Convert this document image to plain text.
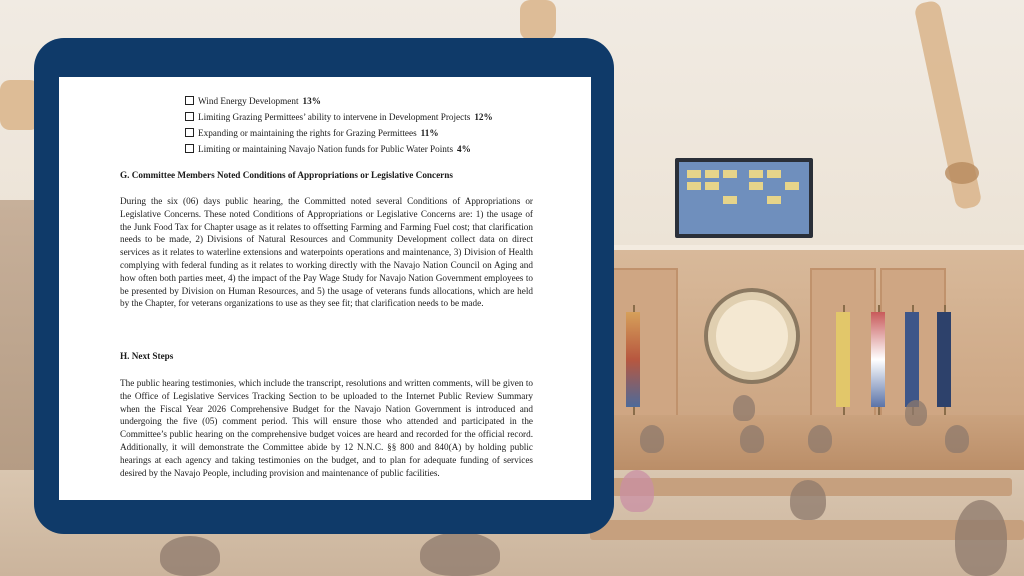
Wind Energy Development 13%
Limiting Grazing Permittees’ ability to intervene in Development Projects 12%
Expanding or maintaining the rights for Grazing Permittees 11%
Limiting or maintaining Navajo Nation funds for Public Water Points 4%
G. Committee Members Noted Conditions of Appropriations or Legislative Concerns

During the six (06) days public hearing, the Committed noted several Conditions of Appropriations or Legislative Concerns. These noted Conditions of Appropriations or Legislative Concerns are: 1) the usage of the Junk Food Tax for Chapter usage as it relates to offsetting Farming and Farming Fuel cost; that clarification needs to be made, 2) Divisions of Natural Resources and Community Development collect data on direct services as it relates to waterline extensions and waterpoints operations and maintenance, 3) Division of Health complying with federal funding as it relates to working directly with the Navajo Nation Council on Aging and how often both parties meet, 4) the impact of the Pay Wage Study for Navajo Nation Government employees to be presented by Division on Human Resources, and 5) the usage of veterans funds allocations, which are held by the Chapter, for veterans organizations to use as they see fit; that clarification needs to be made.

H. Next Steps

The public hearing testimonies, which include the transcript, resolutions and written comments, will be given to the Office of Legislative Services Tracking Section to be uploaded to the Internet Public Review Summary when the Fiscal Year 2026 Comprehensive Budget for the Navajo Nation Government is introduced and undergoing the five (05) comment period. This will ensure those who attended and participated in the Committee’s public hearing on the comprehensive budget voices are heard and recorded for the official record. Additionally, it will demonstrate the Committee abide by 12 N.N.C. §§ 800 and 840(A) by holding public hearings at each agency and taking testimonies on the budget, and to plan for adequate funding of services desired by the Navajo People, including provision and maintenance of public facilities.
